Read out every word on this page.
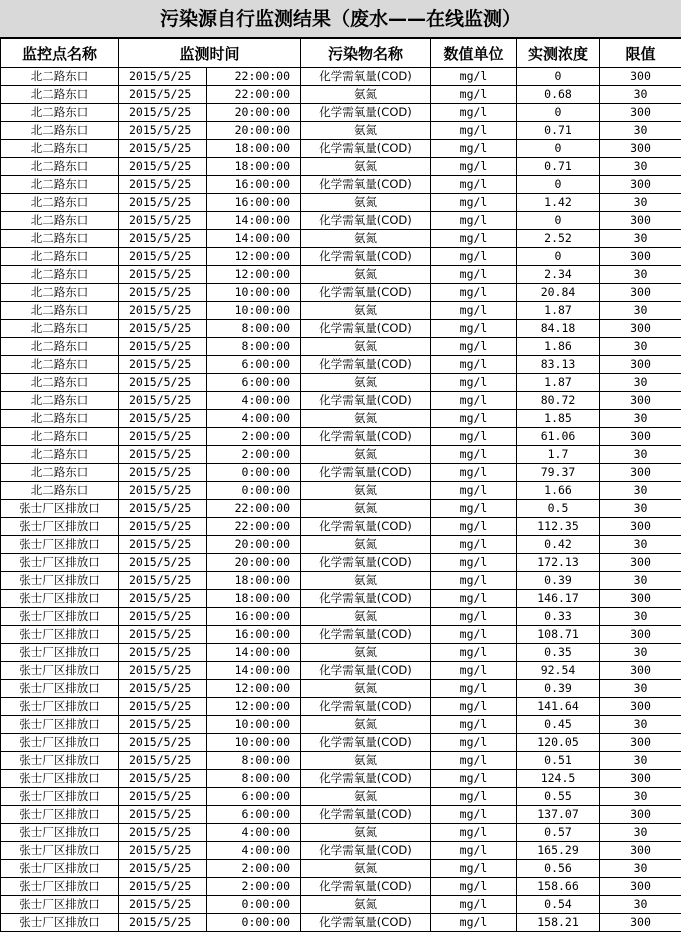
污染源自行监测结果（废水——在线监测）
监控点名称	监测时间		污染物名称	数值单位	实测浓度	限值
北二路东口	2015/5/25	22:00:00	化学需氧量(COD)	mg/l	0	300
北二路东口	2015/5/25	22:00:00	氨氮	mg/l	0.68	30
北二路东口	2015/5/25	20:00:00	化学需氧量(COD)	mg/l	0	300
北二路东口	2015/5/25	20:00:00	氨氮	mg/l	0.71	30
北二路东口	2015/5/25	18:00:00	化学需氧量(COD)	mg/l	0	300
北二路东口	2015/5/25	18:00:00	氨氮	mg/l	0.71	30
北二路东口	2015/5/25	16:00:00	化学需氧量(COD)	mg/l	0	300
北二路东口	2015/5/25	16:00:00	氨氮	mg/l	1.42	30
北二路东口	2015/5/25	14:00:00	化学需氧量(COD)	mg/l	0	300
北二路东口	2015/5/25	14:00:00	氨氮	mg/l	2.52	30
北二路东口	2015/5/25	12:00:00	化学需氧量(COD)	mg/l	0	300
北二路东口	2015/5/25	12:00:00	氨氮	mg/l	2.34	30
北二路东口	2015/5/25	10:00:00	化学需氧量(COD)	mg/l	20.84	300
北二路东口	2015/5/25	10:00:00	氨氮	mg/l	1.87	30
北二路东口	2015/5/25	8:00:00	化学需氧量(COD)	mg/l	84.18	300
北二路东口	2015/5/25	8:00:00	氨氮	mg/l	1.86	30
北二路东口	2015/5/25	6:00:00	化学需氧量(COD)	mg/l	83.13	300
北二路东口	2015/5/25	6:00:00	氨氮	mg/l	1.87	30
北二路东口	2015/5/25	4:00:00	化学需氧量(COD)	mg/l	80.72	300
北二路东口	2015/5/25	4:00:00	氨氮	mg/l	1.85	30
北二路东口	2015/5/25	2:00:00	化学需氧量(COD)	mg/l	61.06	300
北二路东口	2015/5/25	2:00:00	氨氮	mg/l	1.7	30
北二路东口	2015/5/25	0:00:00	化学需氧量(COD)	mg/l	79.37	300
北二路东口	2015/5/25	0:00:00	氨氮	mg/l	1.66	30
张士厂区排放口	2015/5/25	22:00:00	氨氮	mg/l	0.5	30
张士厂区排放口	2015/5/25	22:00:00	化学需氧量(COD)	mg/l	112.35	300
张士厂区排放口	2015/5/25	20:00:00	氨氮	mg/l	0.42	30
张士厂区排放口	2015/5/25	20:00:00	化学需氧量(COD)	mg/l	172.13	300
张士厂区排放口	2015/5/25	18:00:00	氨氮	mg/l	0.39	30
张士厂区排放口	2015/5/25	18:00:00	化学需氧量(COD)	mg/l	146.17	300
张士厂区排放口	2015/5/25	16:00:00	氨氮	mg/l	0.33	30
张士厂区排放口	2015/5/25	16:00:00	化学需氧量(COD)	mg/l	108.71	300
张士厂区排放口	2015/5/25	14:00:00	氨氮	mg/l	0.35	30
张士厂区排放口	2015/5/25	14:00:00	化学需氧量(COD)	mg/l	92.54	300
张士厂区排放口	2015/5/25	12:00:00	氨氮	mg/l	0.39	30
张士厂区排放口	2015/5/25	12:00:00	化学需氧量(COD)	mg/l	141.64	300
张士厂区排放口	2015/5/25	10:00:00	氨氮	mg/l	0.45	30
张士厂区排放口	2015/5/25	10:00:00	化学需氧量(COD)	mg/l	120.05	300
张士厂区排放口	2015/5/25	8:00:00	氨氮	mg/l	0.51	30
张士厂区排放口	2015/5/25	8:00:00	化学需氧量(COD)	mg/l	124.5	300
张士厂区排放口	2015/5/25	6:00:00	氨氮	mg/l	0.55	30
张士厂区排放口	2015/5/25	6:00:00	化学需氧量(COD)	mg/l	137.07	300
张士厂区排放口	2015/5/25	4:00:00	氨氮	mg/l	0.57	30
张士厂区排放口	2015/5/25	4:00:00	化学需氧量(COD)	mg/l	165.29	300
张士厂区排放口	2015/5/25	2:00:00	氨氮	mg/l	0.56	30
张士厂区排放口	2015/5/25	2:00:00	化学需氧量(COD)	mg/l	158.66	300
张士厂区排放口	2015/5/25	0:00:00	氨氮	mg/l	0.54	30
张士厂区排放口	2015/5/25	0:00:00	化学需氧量(COD)	mg/l	158.21	300
